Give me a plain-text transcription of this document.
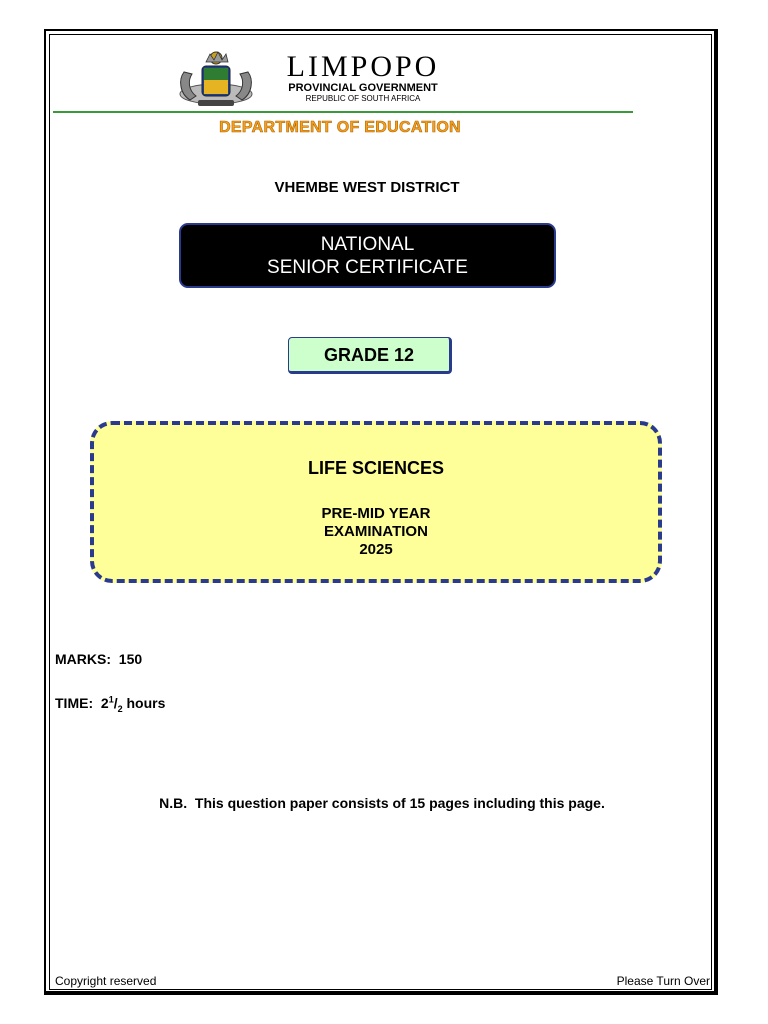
LIMPOPO
PROVINCIAL GOVERNMENT
REPUBLIC OF SOUTH AFRICA
DEPARTMENT OF EDUCATION
VHEMBE WEST DISTRICT
NATIONAL
SENIOR CERTIFICATE
GRADE 12
LIFE SCIENCES
PRE-MID YEAR
EXAMINATION
2025
MARKS: 150
TIME: $2^1/_2$ hours
N.B.  This question paper consists of 15 pages including this page.
Copyright reserved	Please Turn Over
